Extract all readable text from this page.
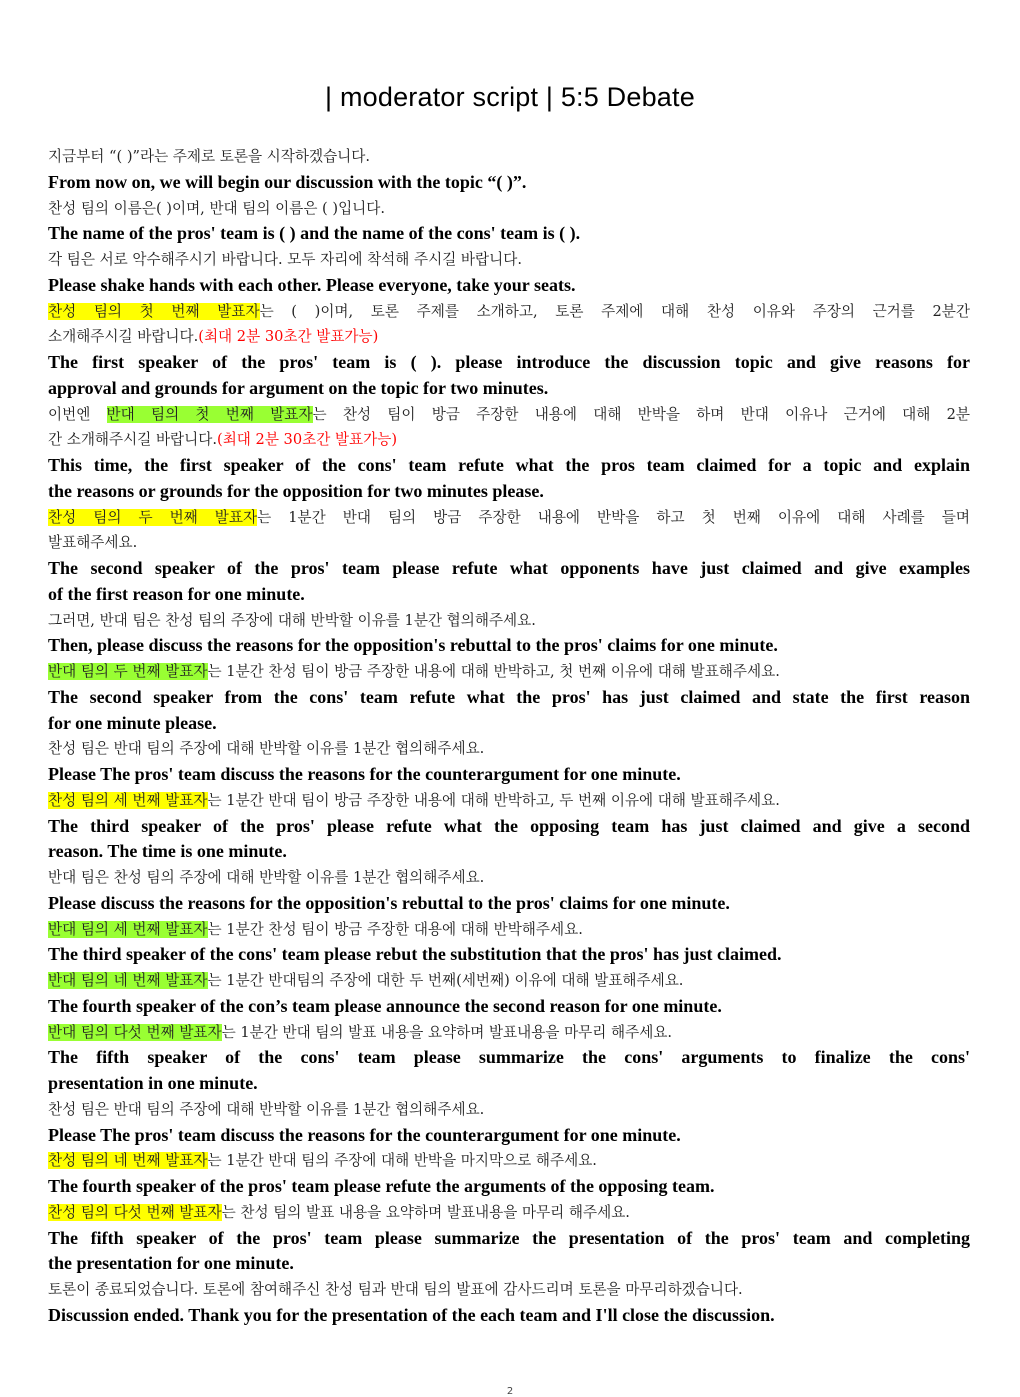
| moderator script | 5:5 Debate
지금부터 “( )”라는 주제로 토론을 시작하겠습니다.
From now on, we will begin our discussion with the topic “( )”.
찬성 팀의 이름은( )이며, 반대 팀의 이름은 ( )입니다.
The name of the pros' team is ( ) and the name of the cons' team is ( ).
각 팀은 서로 악수해주시기 바랍니다. 모두 자리에 착석해 주시길 바랍니다.
Please shake hands with each other. Please everyone, take your seats.
찬성 팀의 첫 번째 발표자는 ( )이며, 토론 주제를 소개하고, 토론 주제에 대해 찬성 이유와 주장의 근거를 2분간
소개해주시길 바랍니다.(최대 2분 30초간 발표가능)
The first speaker of the pros' team is ( ). please introduce the discussion topic and give reasons for
approval and grounds for argument on the topic for two minutes.
이번엔 반대 팀의 첫 번째 발표자는 찬성 팀이 방금 주장한 내용에 대해 반박을 하며 반대 이유나 근거에 대해 2분
간 소개해주시길 바랍니다.(최대 2분 30초간 발표가능)
This time, the first speaker of the cons' team refute what the pros team claimed for a topic and explain
the reasons or grounds for the opposition for two minutes please.
찬성 팀의 두 번째 발표자는 1분간 반대 팀의 방금 주장한 내용에 반박을 하고 첫 번째 이유에 대해 사례를 들며
발표해주세요.
The second speaker of the pros' team please refute what opponents have just claimed and give examples
of the first reason for one minute.
그러면, 반대 팀은 찬성 팀의 주장에 대해 반박할 이유를 1분간 협의해주세요.
Then, please discuss the reasons for the opposition's rebuttal to the pros' claims for one minute.
반대 팀의 두 번째 발표자는 1분간 찬성 팀이 방금 주장한 내용에 대해 반박하고, 첫 번째 이유에 대해 발표해주세요.
The second speaker from the cons' team refute what the pros' has just claimed and state the first reason
for one minute please.
찬성 팀은 반대 팀의 주장에 대해 반박할 이유를 1분간 협의해주세요.
Please The pros' team discuss the reasons for the counterargument for one minute.
찬성 팀의 세 번째 발표자는 1분간 반대 팀이 방금 주장한 내용에 대해 반박하고, 두 번째 이유에 대해 발표해주세요.
The third speaker of the pros' please refute what the opposing team has just claimed and give a second
reason. The time is one minute.
반대 팀은 찬성 팀의 주장에 대해 반박할 이유를 1분간 협의해주세요.
Please discuss the reasons for the opposition's rebuttal to the pros' claims for one minute.
반대 팀의 세 번째 발표자는 1분간 찬성 팀이 방금 주장한 대용에 대해 반박해주세요.
The third speaker of the cons' team please rebut the substitution that the pros' has just claimed.
반대 팀의 네 번째 발표자는 1분간 반대팀의 주장에 대한 두 번째(세번째) 이유에 대해 발표해주세요.
The fourth speaker of the con’s team please announce the second reason for one minute.
반대 팀의 다섯 번째 발표자는 1분간 반대 팀의 발표 내용을 요약하며 발표내용을 마무리 해주세요.
The fifth speaker of the cons' team please summarize the cons' arguments to finalize the cons'
presentation in one minute.
찬성 팀은 반대 팀의 주장에 대해 반박할 이유를 1분간 협의해주세요.
Please The pros' team discuss the reasons for the counterargument for one minute.
찬성 팀의 네 번째 발표자는 1분간 반대 팀의 주장에 대해 반박을 마지막으로 해주세요.
The fourth speaker of the pros' team please refute the arguments of the opposing team.
찬성 팀의 다섯 번째 발표자는 찬성 팀의 발표 내용을 요약하며 발표내용을 마무리 해주세요.
The fifth speaker of the pros' team please summarize the presentation of the pros' team and completing
the presentation for one minute.
토론이 종료되었습니다. 토론에 참여해주신 찬성 팀과 반대 팀의 발표에 감사드리며 토론을 마무리하겠습니다.
Discussion ended. Thank you for the presentation of the each team and I'll close the discussion.
2
